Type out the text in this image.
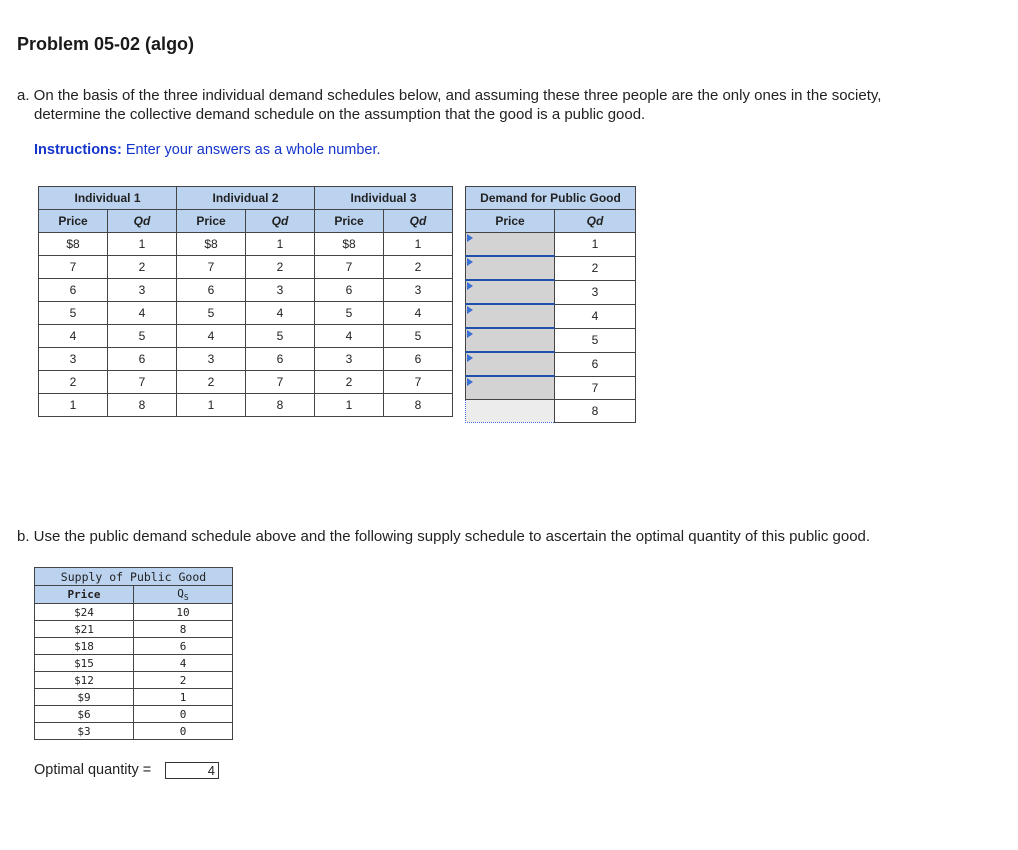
Problem 05-02 (algo)
a. On the basis of the three individual demand schedules below, and assuming these three people are the only ones in the society,
determine the collective demand schedule on the assumption that the good is a public good.
Instructions: Enter your answers as a whole number.
Individual 1		Individual 2		Individual 3	
Price	Qd	Price	Qd	Price	Qd
$8	1	$8	1	$8	1
7	2	7	2	7	2
6	3	6	3	6	3
5	4	5	4	5	4
4	5	4	5	4	5
3	6	3	6	3	6
2	7	2	7	2	7
1	8	1	8	1	8
Demand for Public Good	
Price	Qd

	1

	2

	3

	4

	5

	6

	7
	8
b. Use the public demand schedule above and the following supply schedule to ascertain the optimal quantity of this public good.
Supply of Public Good	
Price	$Q_S$
$24	10
$21	8
$18	6
$15	4
$12	2
$9	1
$6	0
$3	0
Optimal quantity =	4
